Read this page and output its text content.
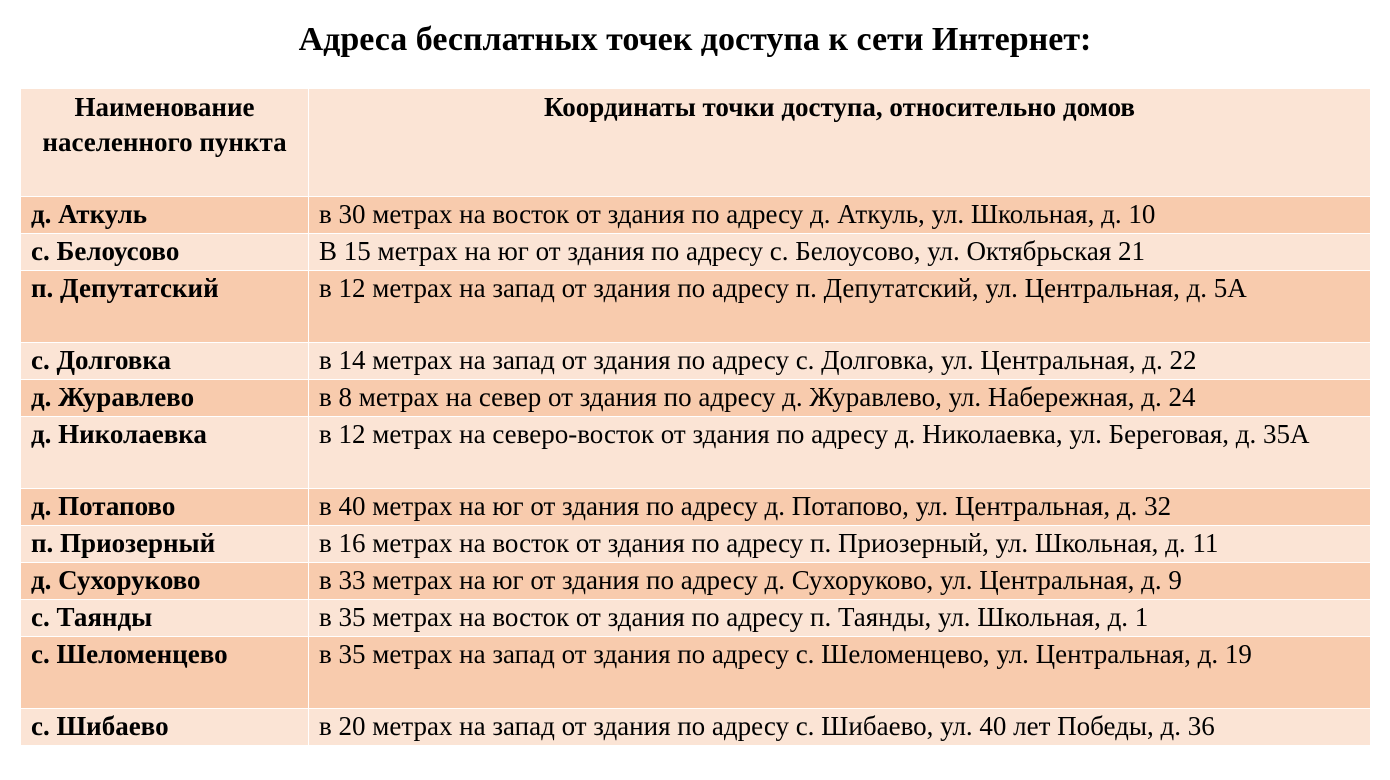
Адреса бесплатных точек доступа к сети Интернет:
Наименование населенного пункта	Координаты точки доступа, относительно домов
д. Аткуль	в 30 метрах на восток от здания по адресу д. Аткуль, ул. Школьная, д. 10
с. Белоусово	В 15 метрах на юг от здания по адресу с. Белоусово, ул. Октябрьская 21
п. Депутатский	в 12 метрах на запад от здания по адресу п. Депутатский, ул. Центральная, д. 5А
с. Долговка	в 14 метрах на запад от здания по адресу с. Долговка, ул. Центральная, д. 22
д. Журавлево	в 8 метрах на север от здания по адресу д. Журавлево, ул. Набережная, д. 24
д. Николаевка	в 12 метрах на северо-восток от здания по адресу д. Николаевка, ул. Береговая, д. 35А
д. Потапово	в 40 метрах на юг от здания по адресу д. Потапово, ул. Центральная, д. 32
п. Приозерный	в 16 метрах на восток от здания по адресу п. Приозерный, ул. Школьная, д. 11
д. Сухоруково	в 33 метрах на юг от здания по адресу д. Сухоруково, ул. Центральная, д. 9
с. Таянды	в 35 метрах на восток от здания по адресу п. Таянды, ул. Школьная, д. 1
с. Шеломенцево	в 35 метрах на запад от здания по адресу с. Шеломенцево, ул. Центральная, д. 19
с. Шибаево	в 20 метрах на запад от здания по адресу с. Шибаево, ул. 40 лет Победы, д. 36
